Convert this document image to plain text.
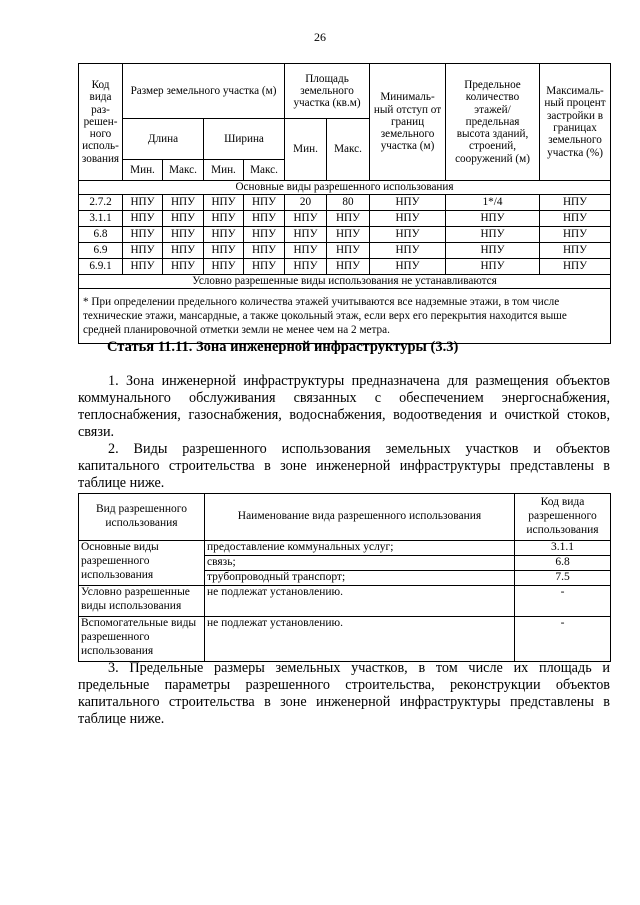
26
Код вида раз-решен-ного исполь-зования	Размер земельного участка (м)				Площадь земельного участка (кв.м)		Минималь-ный отступ от границ земельного участка (м)	Предельное количество этажей/ предельная высота зданий, строений, сооружений (м)	Максималь-ный процент застройки в границах земельного участка (%)
	Длина		Ширина		Мин.	Макс.			
	Мин.	Макс.	Мин.	Макс.					
Основные виды разрешенного использования									
2.7.2	НПУ	НПУ	НПУ	НПУ	20	80	НПУ	1*/4	НПУ
3.1.1	НПУ	НПУ	НПУ	НПУ	НПУ	НПУ	НПУ	НПУ	НПУ
6.8	НПУ	НПУ	НПУ	НПУ	НПУ	НПУ	НПУ	НПУ	НПУ
6.9	НПУ	НПУ	НПУ	НПУ	НПУ	НПУ	НПУ	НПУ	НПУ
6.9.1	НПУ	НПУ	НПУ	НПУ	НПУ	НПУ	НПУ	НПУ	НПУ
Условно разрешенные виды использования не устанавливаются									
* При определении предельного количества этажей учитываются все надземные этажи, в том числе технические этажи, мансардные, а также цокольный этаж, если верх его перекрытия находится выше средней планировочной отметки земли не менее чем на 2 метра.									
Статья 11.11. Зона инженерной инфраструктуры (3.3)

1. Зона инженерной инфраструктуры предназначена для размещения объектов коммунального обслуживания связанных с обеспечением энергоснабжения, теплоснабжения, газоснабжения, водоснабжения, водоотведения и очисткой стоков, связи.

2. Виды разрешенного использования земельных участков и объектов капитального строительства в зоне инженерной инфраструктуры представлены в таблице ниже.

Вид разрешенного использования	Наименование вида разрешенного использования	Код вида разрешенного использования
Основные виды разрешенного использования	предоставление коммунальных услуг;	3.1.1
	связь;	6.8
	трубопроводный транспорт;	7.5
Условно разрешенные виды использования	не подлежат установлению.	-
Вспомогательные виды разрешенного использования	не подлежат установлению.	-

3. Предельные размеры земельных участков, в том числе их площадь и предельные параметры разрешенного строительства, реконструкции объектов капитального строительства в зоне инженерной инфраструктуры представлены в таблице ниже.
